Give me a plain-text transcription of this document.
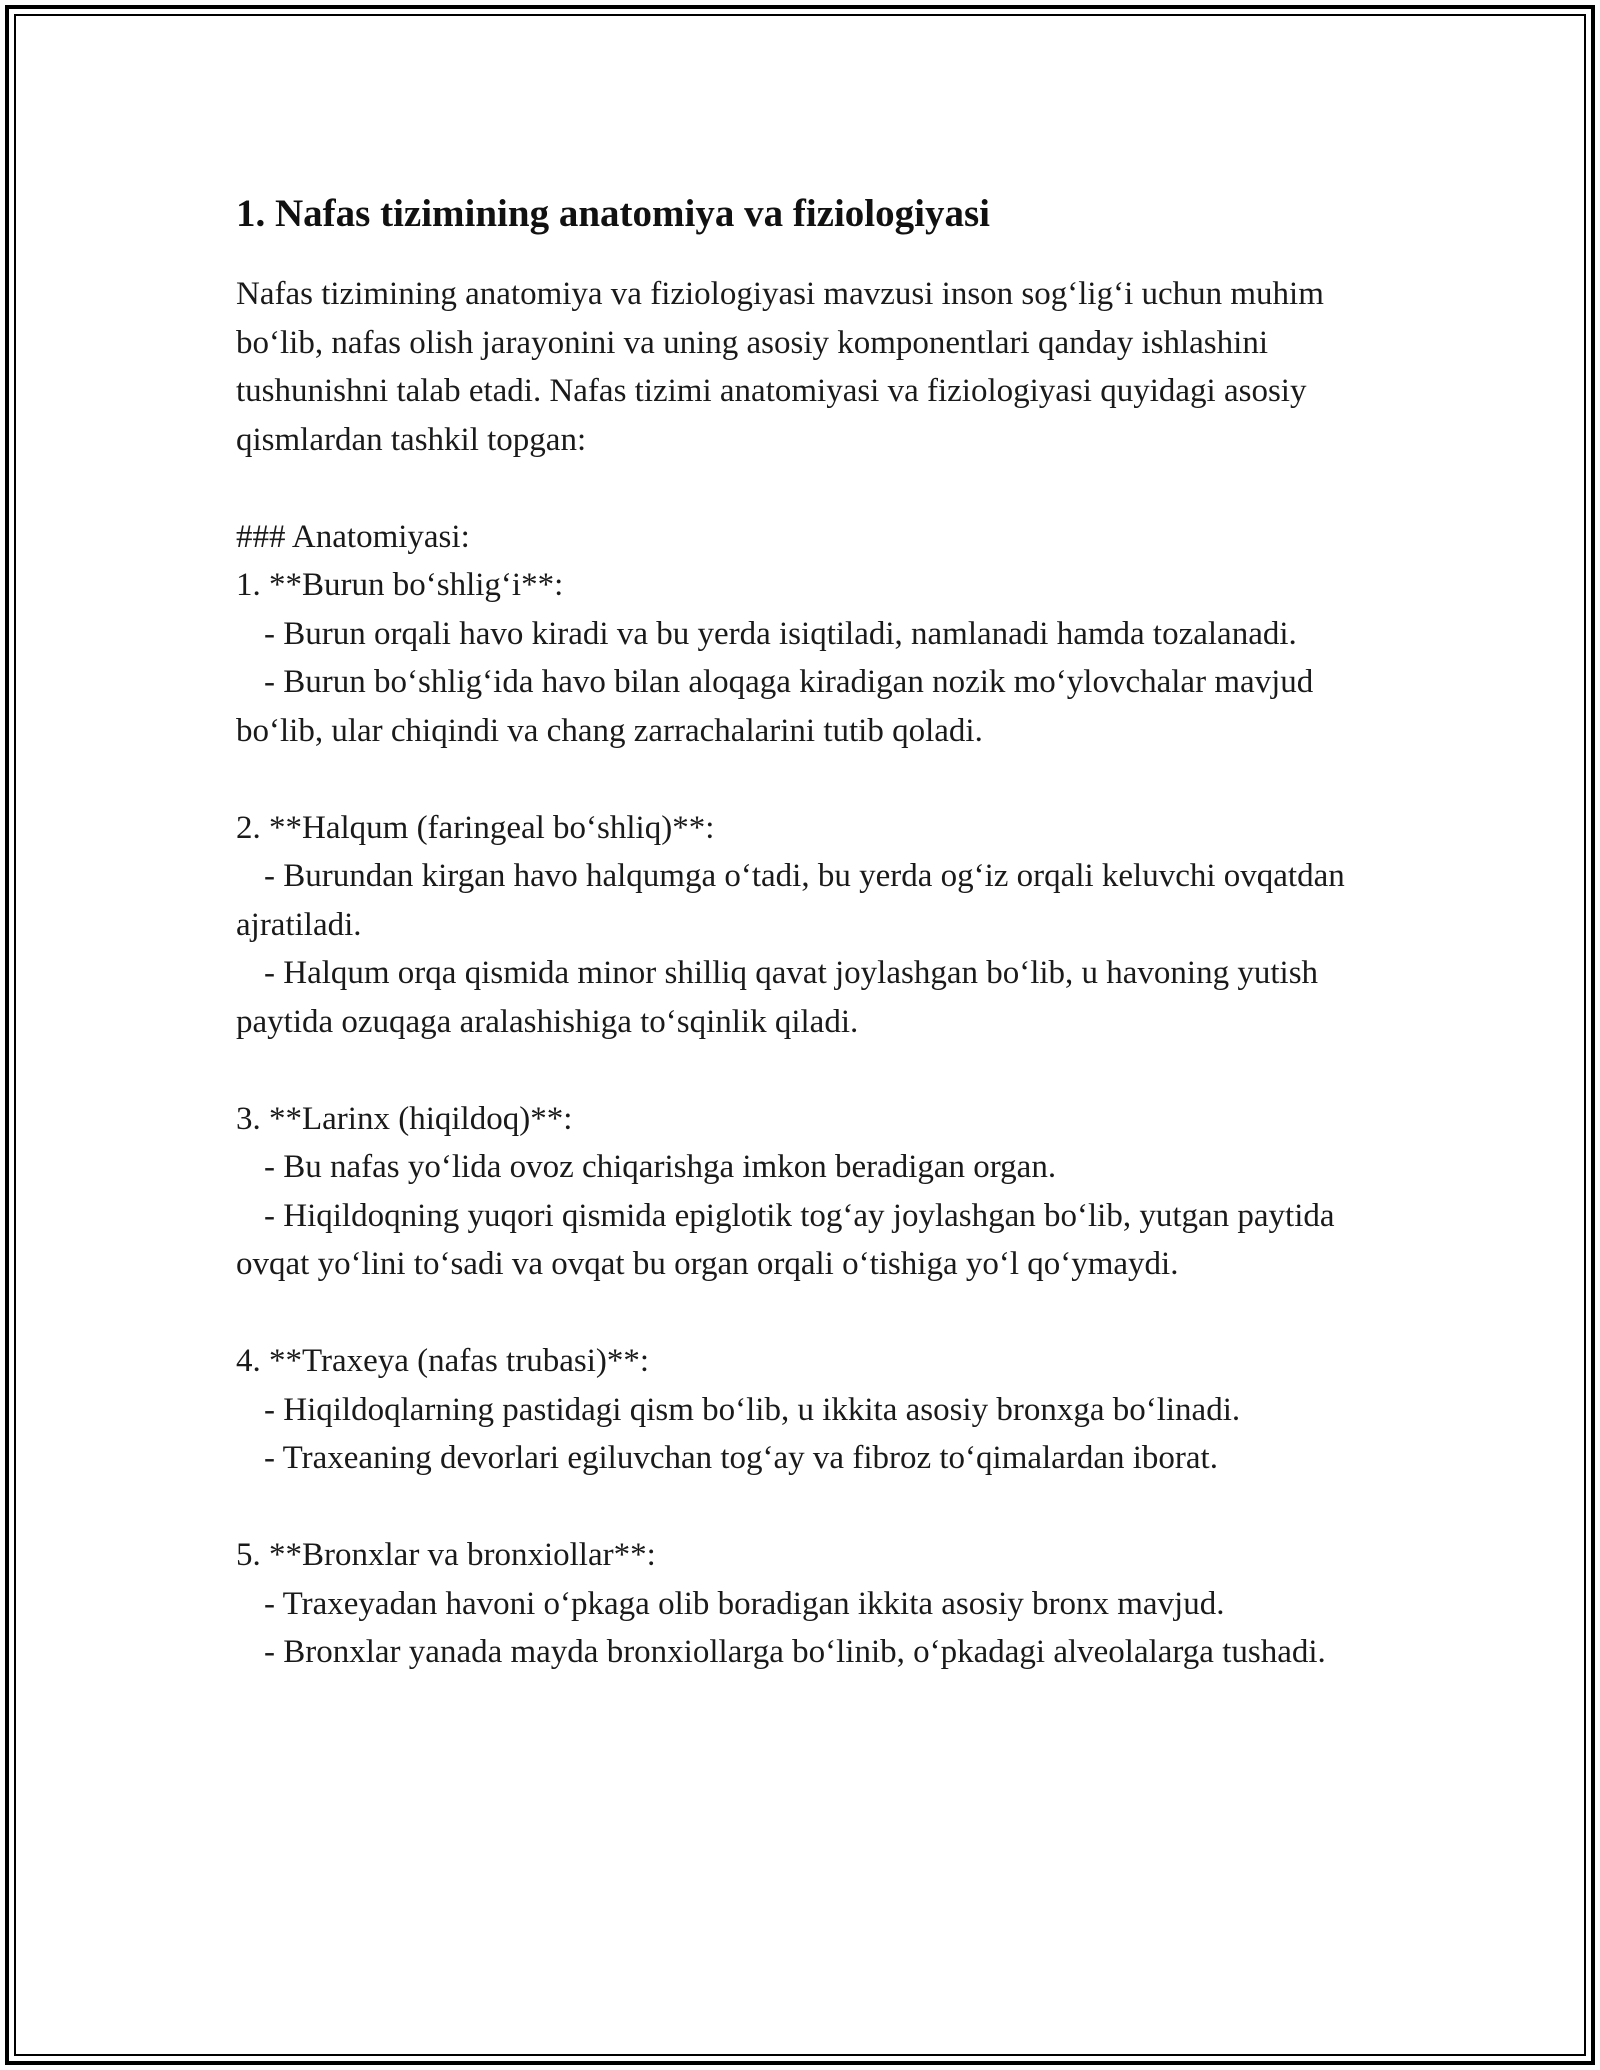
1. Nafas tizimining anatomiya va fiziologiyasi

Nafas tizimining anatomiya va fiziologiyasi mavzusi inson sog‘lig‘i uchun muhim bo‘lib, nafas olish jarayonini va uning asosiy komponentlari qanday ishlashini tushunishni talab etadi. Nafas tizimi anatomiyasi va fiziologiyasi quyidagi asosiy qismlardan tashkil topgan:

### Anatomiyasi:

1. **Burun bo‘shlig‘i**:

- Burun orqali havo kiradi va bu yerda isiqtiladi, namlanadi hamda tozalanadi.

- Burun bo‘shlig‘ida havo bilan aloqaga kiradigan nozik mo‘ylovchalar mavjud bo‘lib, ular chiqindi va chang zarrachalarini tutib qoladi.

2. **Halqum (faringeal bo‘shliq)**:

- Burundan kirgan havo halqumga o‘tadi, bu yerda og‘iz orqali keluvchi ovqatdan ajratiladi.

- Halqum orqa qismida minor shilliq qavat joylashgan bo‘lib, u havoning yutish paytida ozuqaga aralashishiga to‘sqinlik qiladi.

3. **Larinx (hiqildoq)**:

- Bu nafas yo‘lida ovoz chiqarishga imkon beradigan organ.

- Hiqildoqning yuqori qismida epiglotik tog‘ay joylashgan bo‘lib, yutgan paytida ovqat yo‘lini to‘sadi va ovqat bu organ orqali o‘tishiga yo‘l qo‘ymaydi.

4. **Traxeya (nafas trubasi)**:

- Hiqildoqlarning pastidagi qism bo‘lib, u ikkita asosiy bronxga bo‘linadi.

- Traxeaning devorlari egiluvchan tog‘ay va fibroz to‘qimalardan iborat.

5. **Bronxlar va bronxiollar**:

- Traxeyadan havoni o‘pkaga olib boradigan ikkita asosiy bronx mavjud.

- Bronxlar yanada mayda bronxiollarga bo‘linib, o‘pkadagi alveolalarga tushadi.
